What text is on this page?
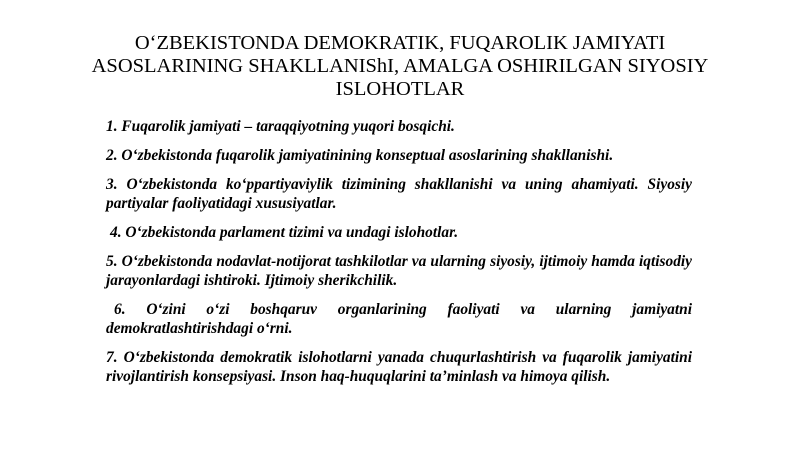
O‘ZBEKISTONDA DEMOKRATIK, FUQAROLIK JAMIYATI ASOSLARINING SHAKLLANIShI, AMALGA OSHIRILGAN SIYOSIY ISLOHOTLAR
1. Fuqarolik jamiyati – taraqqiyotning yuqori bosqichi.
2. O‘zbekistonda fuqarolik jamiyatinining konseptual asoslarining shakllanishi.
3. O‘zbekistonda ko‘ppartiyaviylik tizimining shakllanishi va uning ahamiyati. Siyosiy partiyalar faoliyatidagi xususiyatlar.
4. O‘zbekistonda parlament tizimi va undagi islohotlar.
5. O‘zbekistonda nodavlat-notijorat tashkilotlar va ularning siyosiy, ijtimoiy hamda iqtisodiy jarayonlardagi ishtiroki. Ijtimoiy sherikchilik.
6. O‘zini o‘zi boshqaruv organlarining faoliyati va ularning jamiyatni demokratlashtirishdagi o‘rni.
7. O‘zbekistonda demokratik islohotlarni yanada chuqurlashtirish va fuqarolik jamiyatini rivojlantirish konsepsiyasi. Inson haq-huquqlarini ta’minlash va himoya qilish.
